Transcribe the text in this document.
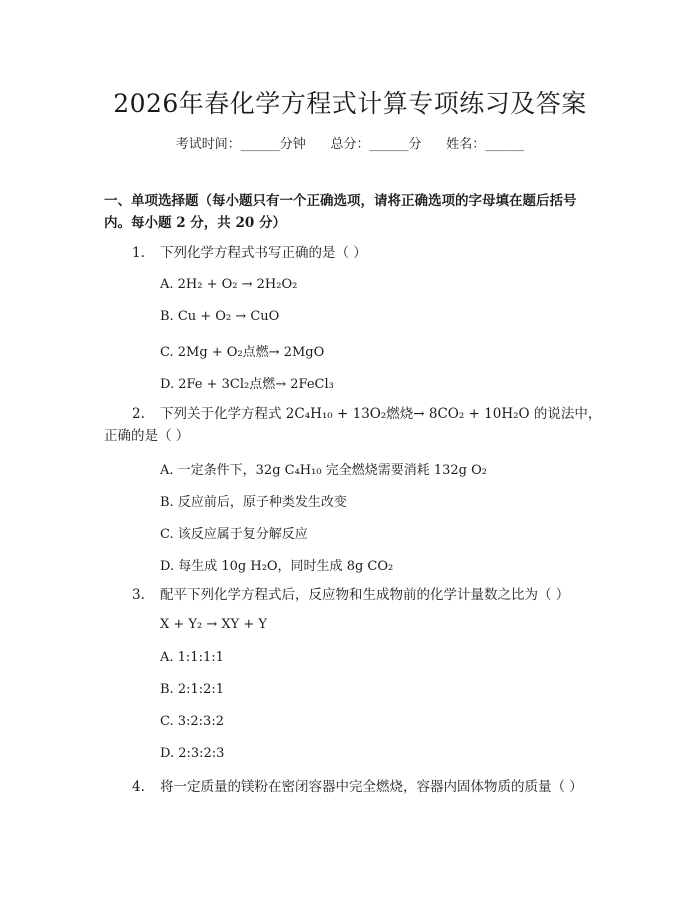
2026年春化学方程式计算专项练习及答案
考试时间：______分钟      总分：______分      姓名：______
一、单项选择题（每小题只有一个正确选项，请将正确选项的字母填在题后括号
内。每小题 2 分，共 20 分）
1. 下列化学方程式书写正确的是（ ）
A. 2H₂ + O₂ → 2H₂O₂
B. Cu + O₂ → CuO
C. 2Mg + O₂点燃→ 2MgO
D. 2Fe + 3Cl₂点燃→ 2FeCl₃
2. 下列关于化学方程式 2C₄H₁₀ + 13O₂燃烧→ 8CO₂ + 10H₂O 的说法中，
正确的是（ ）
A. 一定条件下，32g C₄H₁₀ 完全燃烧需要消耗 132g O₂
B. 反应前后，原子种类发生改变
C. 该反应属于复分解反应
D. 每生成 10g H₂O，同时生成 8g CO₂
3. 配平下列化学方程式后，反应物和生成物前的化学计量数之比为（ ）
X + Y₂ → XY + Y
A. 1:1:1:1
B. 2:1:2:1
C. 3:2:3:2
D. 2:3:2:3
4. 将一定质量的镁粉在密闭容器中完全燃烧，容器内固体物质的质量（ ）
